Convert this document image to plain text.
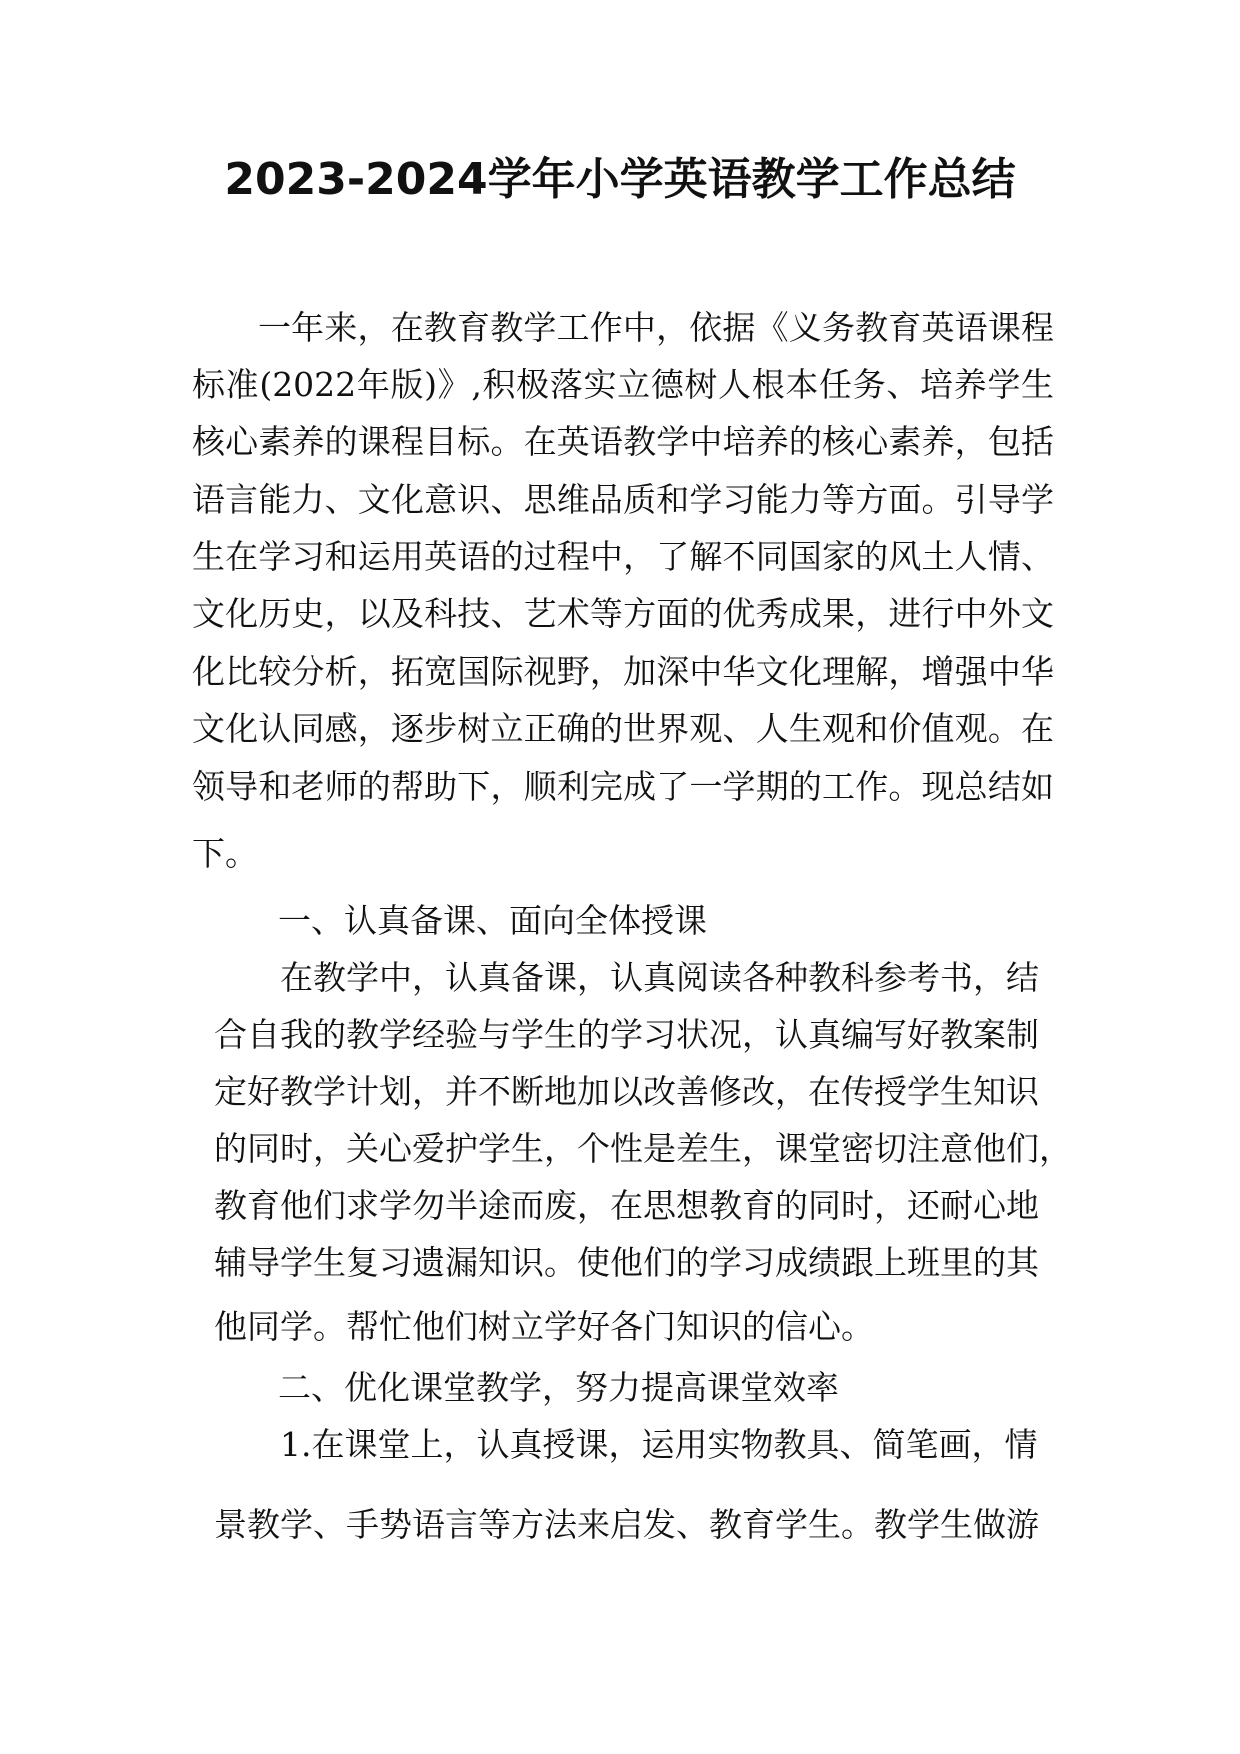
2023-2024学年小学英语教学工作总结

一年来，在教育教学工作中，依据《义务教育英语课程

标准(2022年版)》,积极落实立德树人根本任务、培养学生

核心素养的课程目标。在英语教学中培养的核心素养，包括

语言能力、文化意识、思维品质和学习能力等方面。引导学

生在学习和运用英语的过程中，了解不同国家的风土人情、

文化历史，以及科技、艺术等方面的优秀成果，进行中外文

化比较分析，拓宽国际视野，加深中华文化理解，增强中华

文化认同感，逐步树立正确的世界观、人生观和价值观。在

领导和老师的帮助下，顺利完成了一学期的工作。现总结如

下。

一、认真备课、面向全体授课

在教学中，认真备课，认真阅读各种教科参考书，结

合自我的教学经验与学生的学习状况，认真编写好教案制

定好教学计划，并不断地加以改善修改，在传授学生知识

的同时，关心爱护学生，个性是差生，课堂密切注意他们，

教育他们求学勿半途而废，在思想教育的同时，还耐心地

辅导学生复习遗漏知识。使他们的学习成绩跟上班里的其

他同学。帮忙他们树立学好各门知识的信心。

二、优化课堂教学，努力提高课堂效率

1.在课堂上，认真授课，运用实物教具、简笔画，情

景教学、手势语言等方法来启发、教育学生。教学生做游
